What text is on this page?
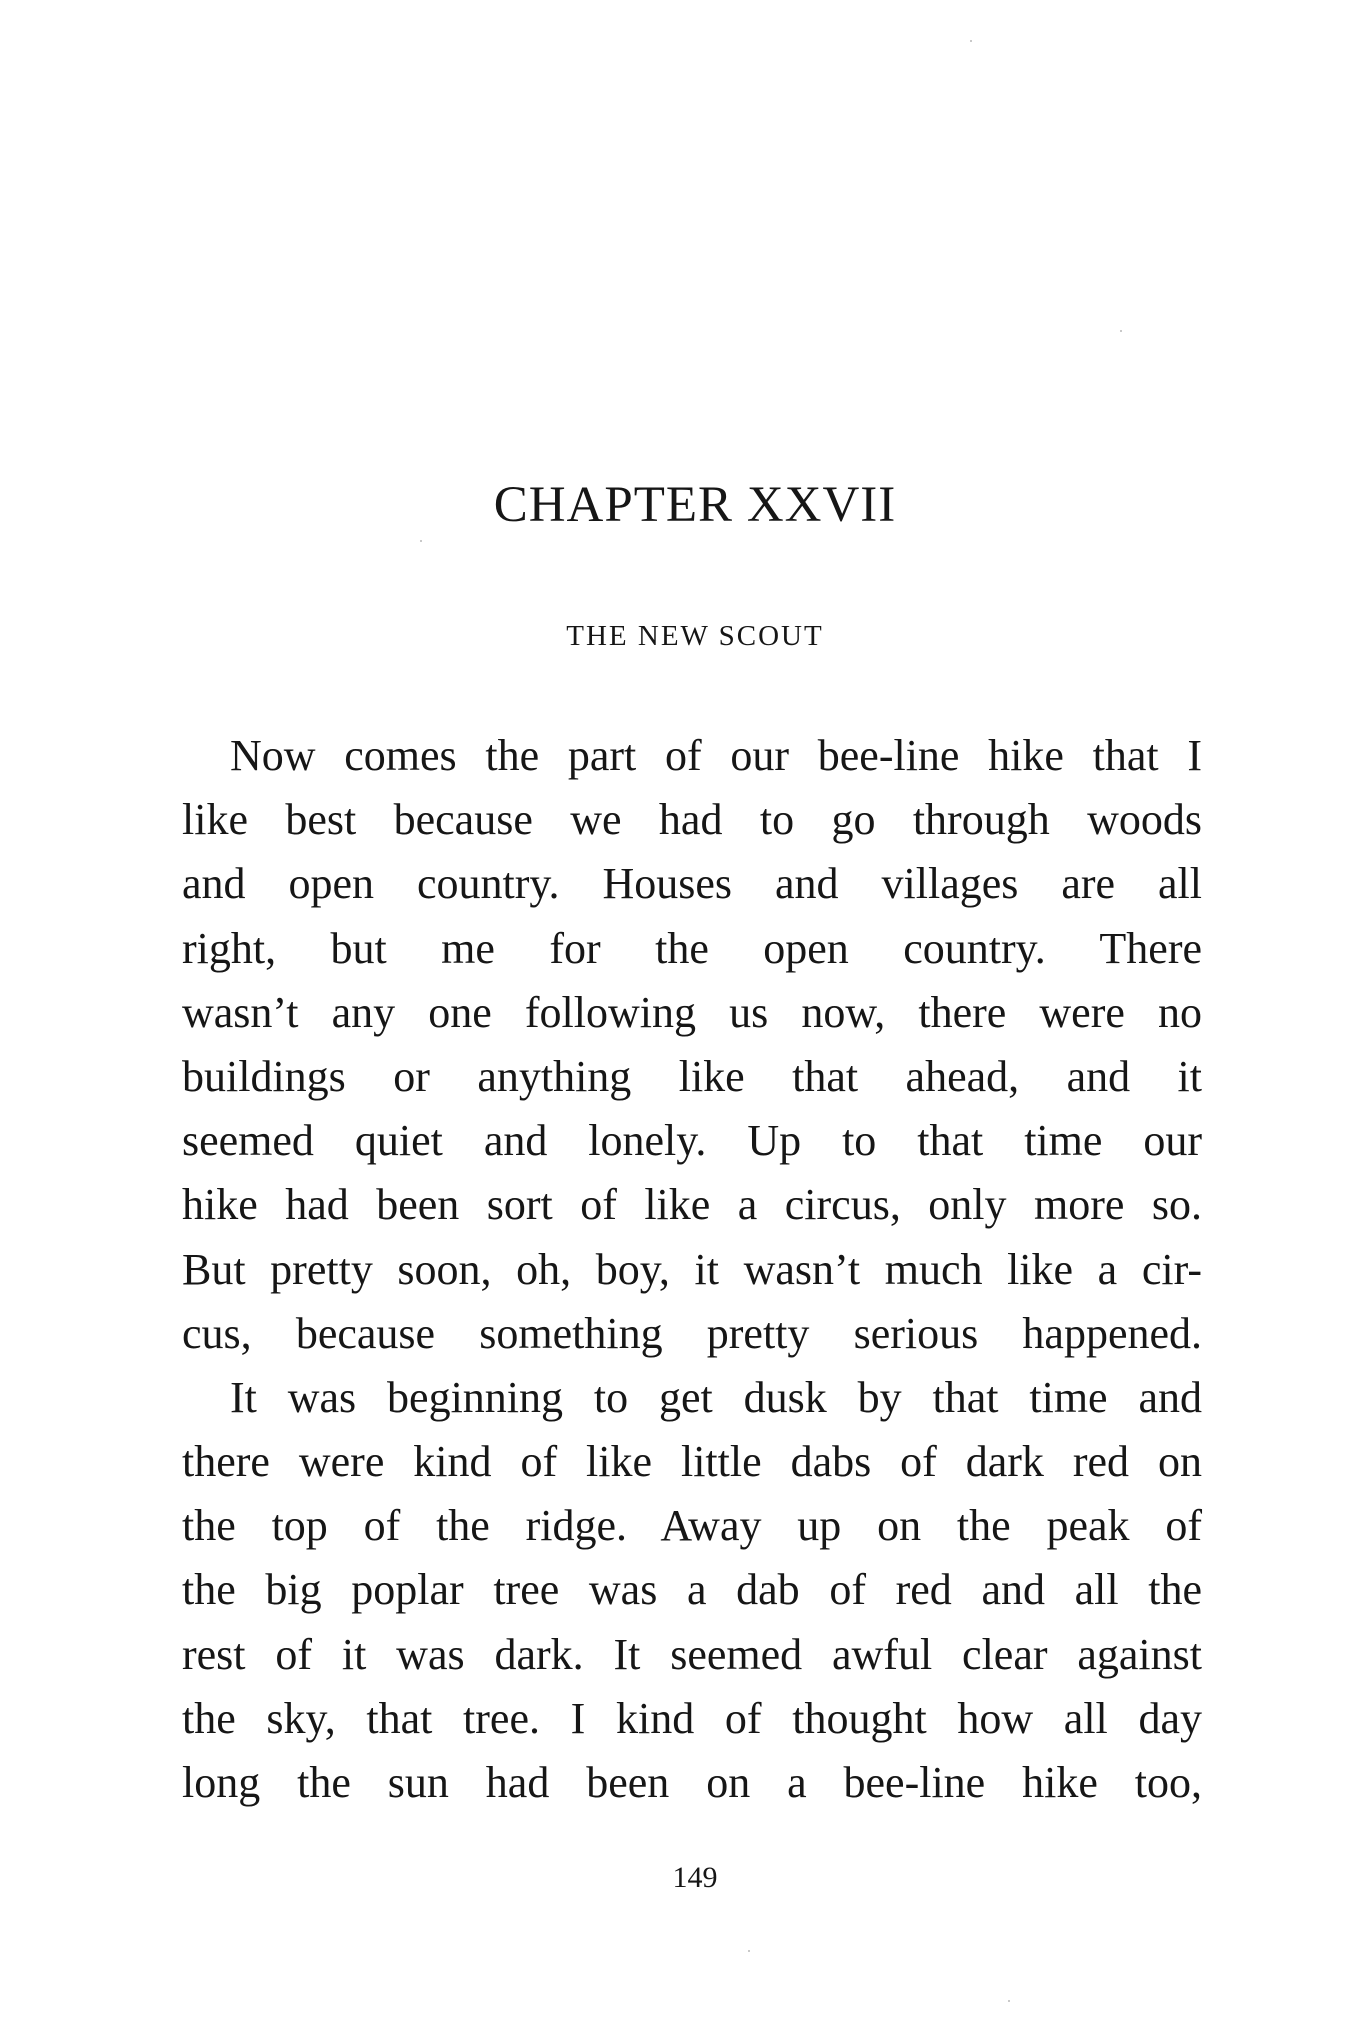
CHAPTER XXVII
THE NEW SCOUT
Now comes the part of our bee-line hike that I
like best because we had to go through woods
and open country. Houses and villages are all
right, but me for the open country. There
wasn’t any one following us now, there were no
buildings or anything like that ahead, and it
seemed quiet and lonely. Up to that time our
hike had been sort of like a circus, only more so.
But pretty soon, oh, boy, it wasn’t much like a cir-
cus, because something pretty serious happened.
It was beginning to get dusk by that time and
there were kind of like little dabs of dark red on
the top of the ridge. Away up on the peak of
the big poplar tree was a dab of red and all the
rest of it was dark. It seemed awful clear against
the sky, that tree. I kind of thought how all day
long the sun had been on a bee-line hike too,
149
